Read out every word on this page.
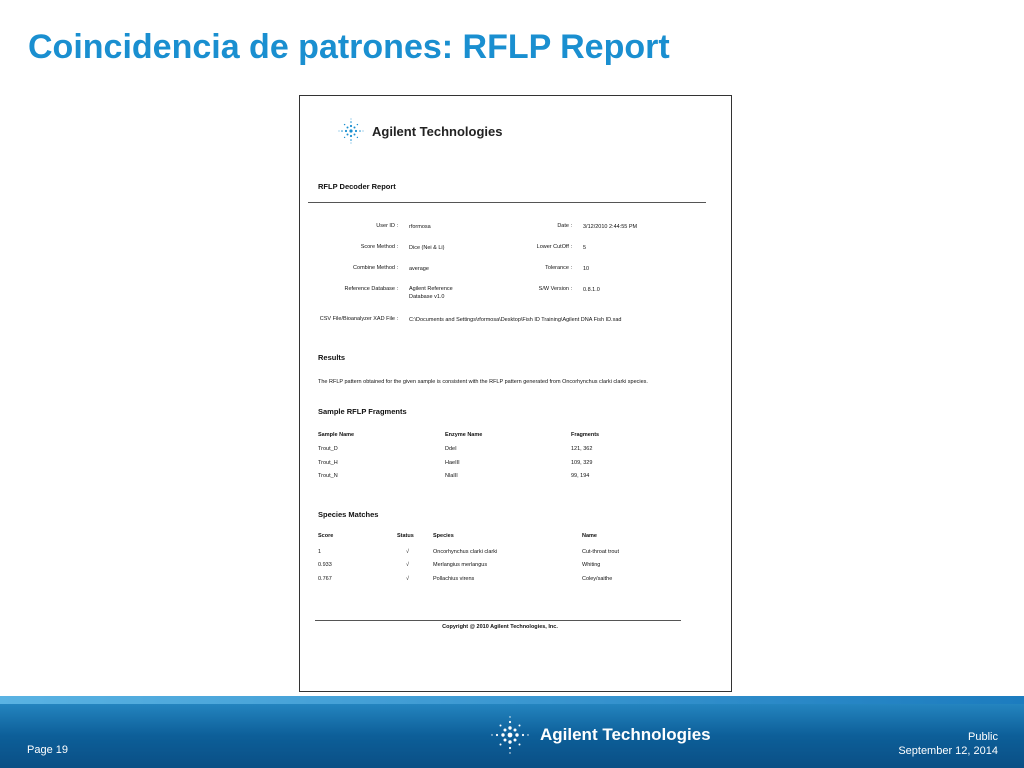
Coincidencia de patrones: RFLP Report
Agilent Technologies
RFLP Decoder Report
User ID : rformosa
Score Method : Dice (Nei & Li)
Combine Method : average
Reference Database : Agilent Reference
Database v1.0
Date : 3/12/2010 2:44:55 PM
Lower CutOff : 5
Tolerance : 10
S/W Version : 0.8.1.0
CSV File/Bioanalyzer XAD File : C:\Documents and Settings\rformosa\Desktop\Fish ID Training\Agilent DNA Fish ID.xad
Results
The RFLP pattern obtained for the given sample is consistent with the RFLP pattern generated from Oncorhynchus clarki clarki species.
Sample RFLP Fragments
Sample Name	Enzyme Name	Fragments
Trout_D	DdeI	121, 362
Trout_H	HaeIII	109, 329
Trout_N	NlaIII	99, 194
Species Matches
Score	Status	Species	Name
1	√	Oncorhynchus clarki clarki	Cut-throat trout
0.933	√	Merlangius merlangus	Whiting
0.767	√	Pollachius virens	Coley/saithe
Copyright @ 2010 Agilent Technologies, Inc.
Page 19
Agilent Technologies	Public
September 12, 2014
